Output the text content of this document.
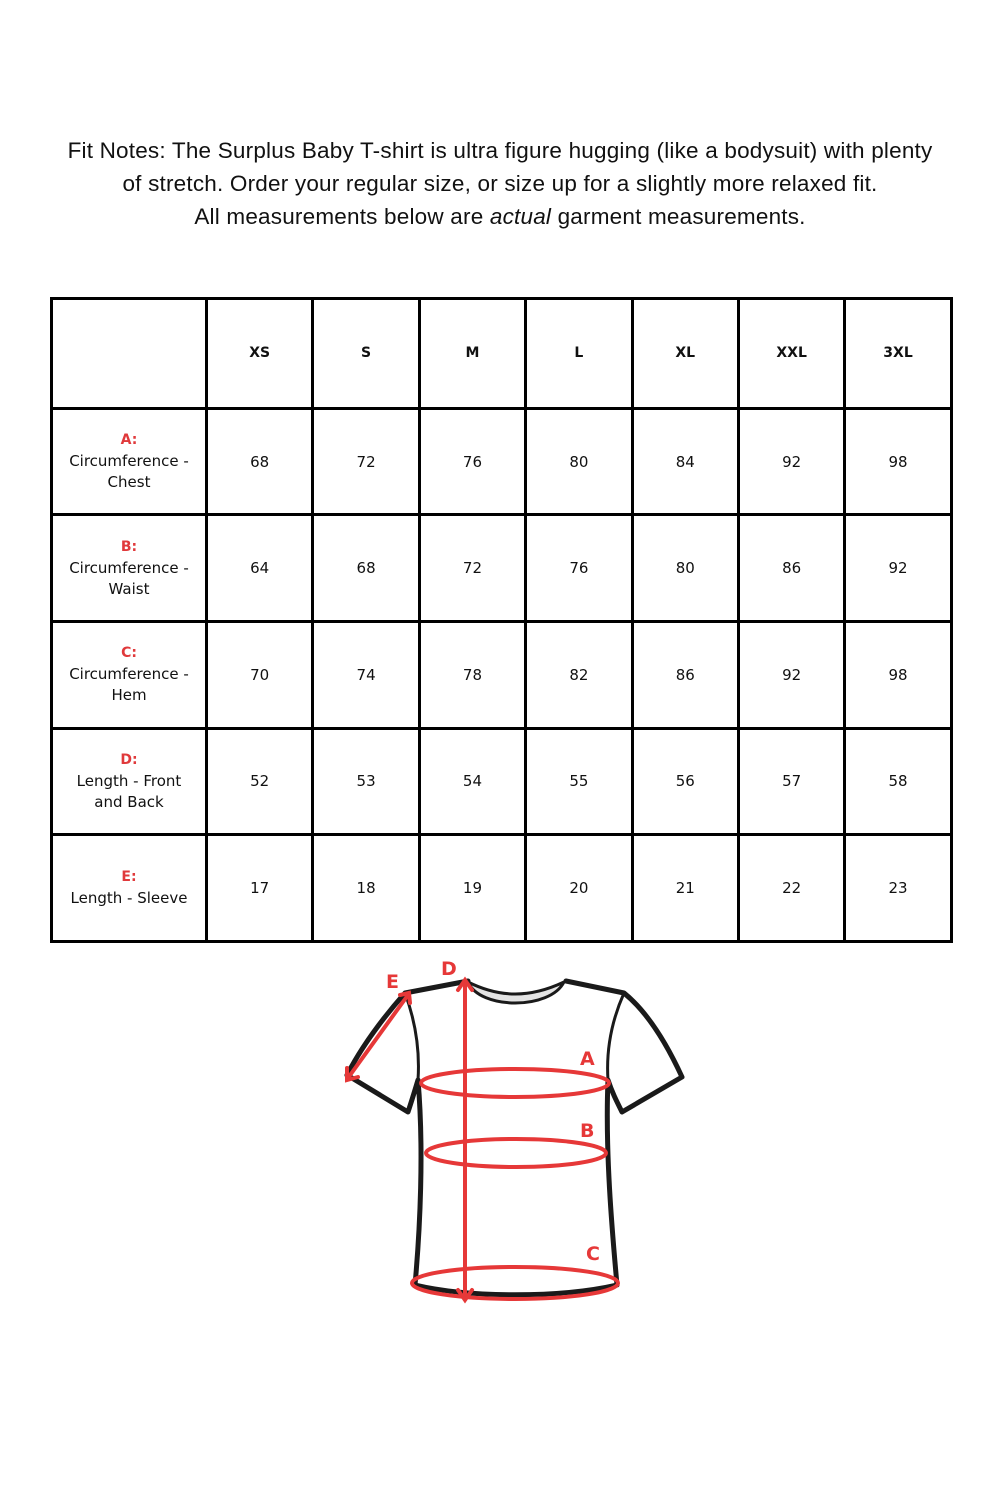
Fit Notes: The Surplus Baby T-shirt is ultra figure hugging (like a bodysuit) with plenty of stretch. Order your regular size, or size up for a slightly more relaxed fit.

All measurements below are actual garment measurements.

	XS	S	M	L	XL	XXL	3XL

A:
Circumference - Chest	68	72	76	80	84	92	98

B:
Circumference - Waist	64	68	72	76	80	86	92

C:
Circumference - Hem	70	74	78	82	86	92	98

D:
Length - Front and Back	52	53	54	55	56	57	58

E:
Length - Sleeve	17	18	19	20	21	22	23
A
B
C
D
E
